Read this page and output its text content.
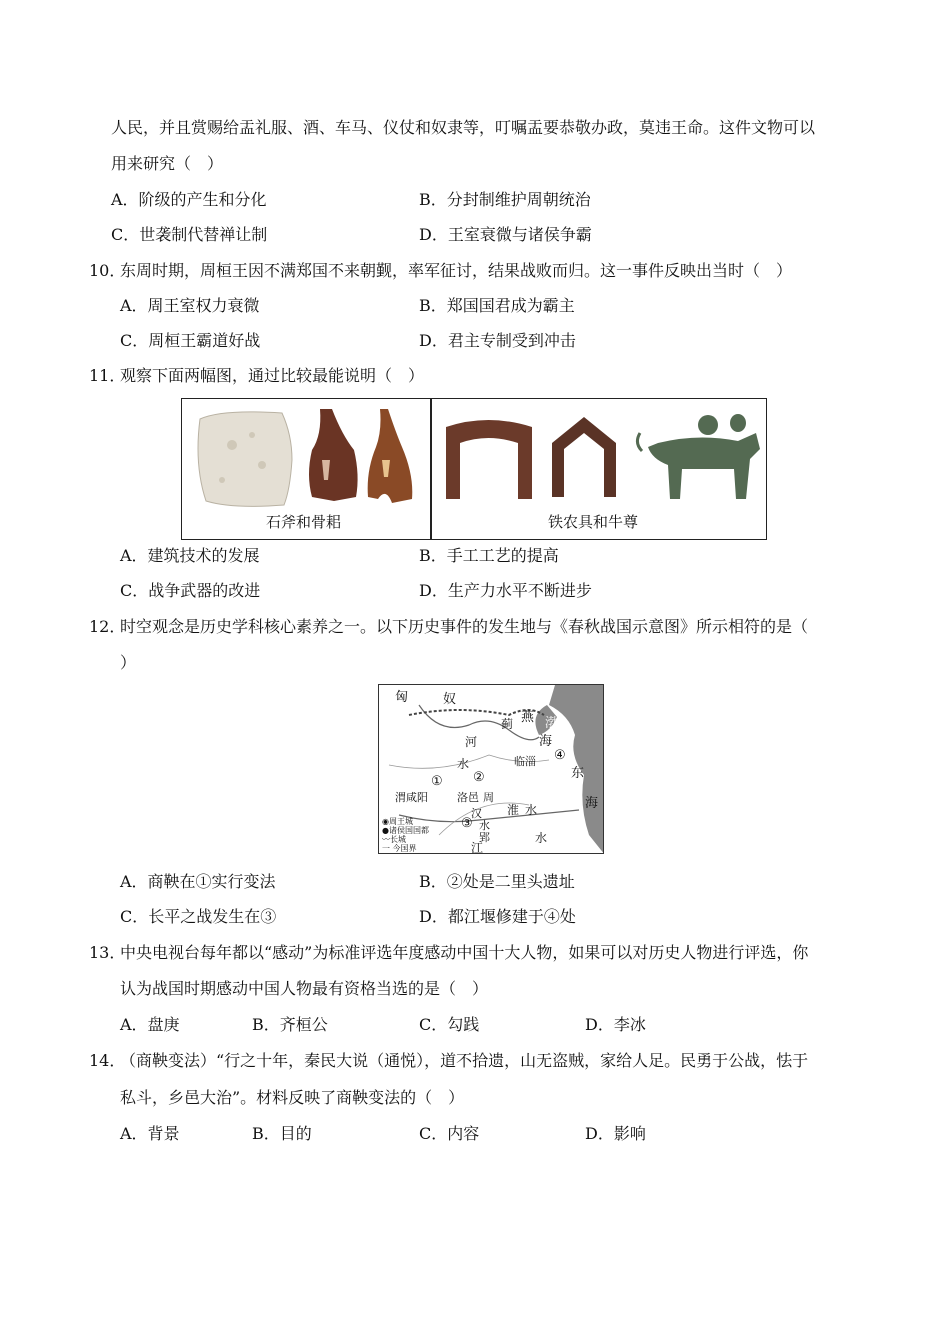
人民，并且赏赐给盂礼服、酒、车马、仪仗和奴隶等，叮嘱盂要恭敬办政，莫违王命。这件文物可以
用来研究（　）
A．阶级的产生和分化	B．分封制维护周朝统治
C．世袭制代替禅让制	D．王室衰微与诸侯争霸
10．
东周时期，周桓王因不满郑国不来朝觐，率军征讨，结果战败而归。这一事件反映出当时（　）
A．周王室权力衰微	B．郑国国君成为霸主
C．周桓王霸道好战	D．君主专制受到冲击
11．
观察下面两幅图，通过比较最能说明（　）
石斧和骨耜	铁农具和牛尊
A．建筑技术的发展	B．手工工艺的提高
C．战争武器的改进	D．生产力水平不断进步
12．
时空观念是历史学科核心素养之一。以下历史事件的发生地与《春秋战国示意图》所示相符的是（
）
匈	奴
蓟 燕 渤
海
④
东
海
临淄
河
水
① ②
渭咸阳	洛邑 周
淮 水
③
汉
水
郢
江
水
◉周王城
●诸侯国国都
〰长城
一 今国界
A．商鞅在①实行变法	B．②处是二里头遗址
C．长平之战发生在③	D．都江堰修建于④处
13．
中央电视台每年都以“感动”为标准评选年度感动中国十大人物，如果可以对历史人物进行评选，你
认为战国时期感动中国人物最有资格当选的是（　）
A．盘庚	B．齐桓公	C．勾践	D．李冰
14．
（商鞅变法）“行之十年，秦民大说（通悦），道不拾遗，山无盗贼，家给人足。民勇于公战，怯于
私斗，乡邑大治”。材料反映了商鞅变法的（　）
A．背景	B．目的	C．内容	D．影响
